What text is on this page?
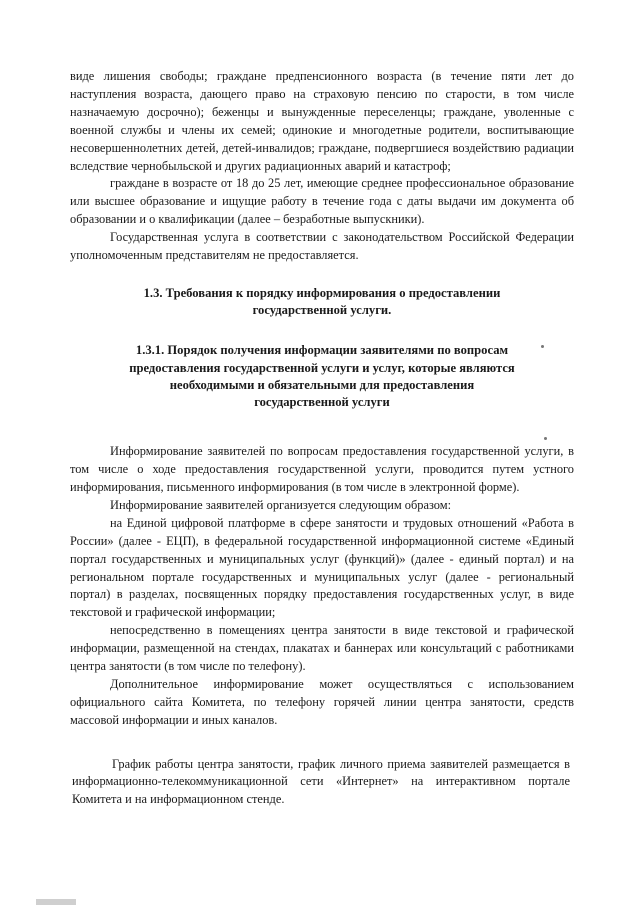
виде лишения свободы; граждане предпенсионного возраста (в течение пяти лет до наступления возраста, дающего право на страховую пенсию по старости, в том числе назначаемую досрочно); беженцы и вынужденные переселенцы; граждане, уволенные с военной службы и члены их семей; одинокие и многодетные родители, воспитывающие несовершеннолетних детей, детей-инвалидов; граждане, подвергшиеся воздействию радиации вследствие чернобыльской и других радиационных аварий и катастроф;

граждане в возрасте от 18 до 25 лет, имеющие среднее профессиональное образование или высшее образование и ищущие работу в течение года с даты выдачи им документа об образовании и о квалификации (далее – безработные выпускники).

Государственная услуга в соответствии с законодательством Российской Федерации уполномоченным представителям не предоставляется.

1.3. Требования к порядку информирования о предоставлении

государственной услуги.

1.3.1. Порядок получения информации заявителями по вопросам

предоставления государственной услуги и услуг, которые являются

необходимыми и обязательными для предоставления

государственной услуги

Информирование заявителей по вопросам предоставления государственной услуги, в том числе о ходе предоставления государственной услуги, проводится путем устного информирования, письменного информирования (в том числе в электронной форме).

Информирование заявителей организуется следующим образом:

на Единой цифровой платформе в сфере занятости и трудовых отношений «Работа в России» (далее - ЕЦП), в федеральной государственной информационной системе «Единый портал государственных и муниципальных услуг (функций)» (далее - единый портал) и на региональном портале государственных и муниципальных услуг (далее - региональный портал) в разделах, посвященных порядку предоставления государственных услуг, в виде текстовой и графической информации;

непосредственно в помещениях центра занятости в виде текстовой и графической информации, размещенной на стендах, плакатах и баннерах или консультаций с работниками центра занятости (в том числе по телефону).

Дополнительное информирование может осуществляться с использованием официального сайта Комитета, по телефону горячей линии центра занятости, средств массовой информации и иных каналов.

График работы центра занятости, график личного приема заявителей размещается в информационно-телекоммуникационной сети «Интернет» на интерактивном портале Комитета и на информационном стенде.
